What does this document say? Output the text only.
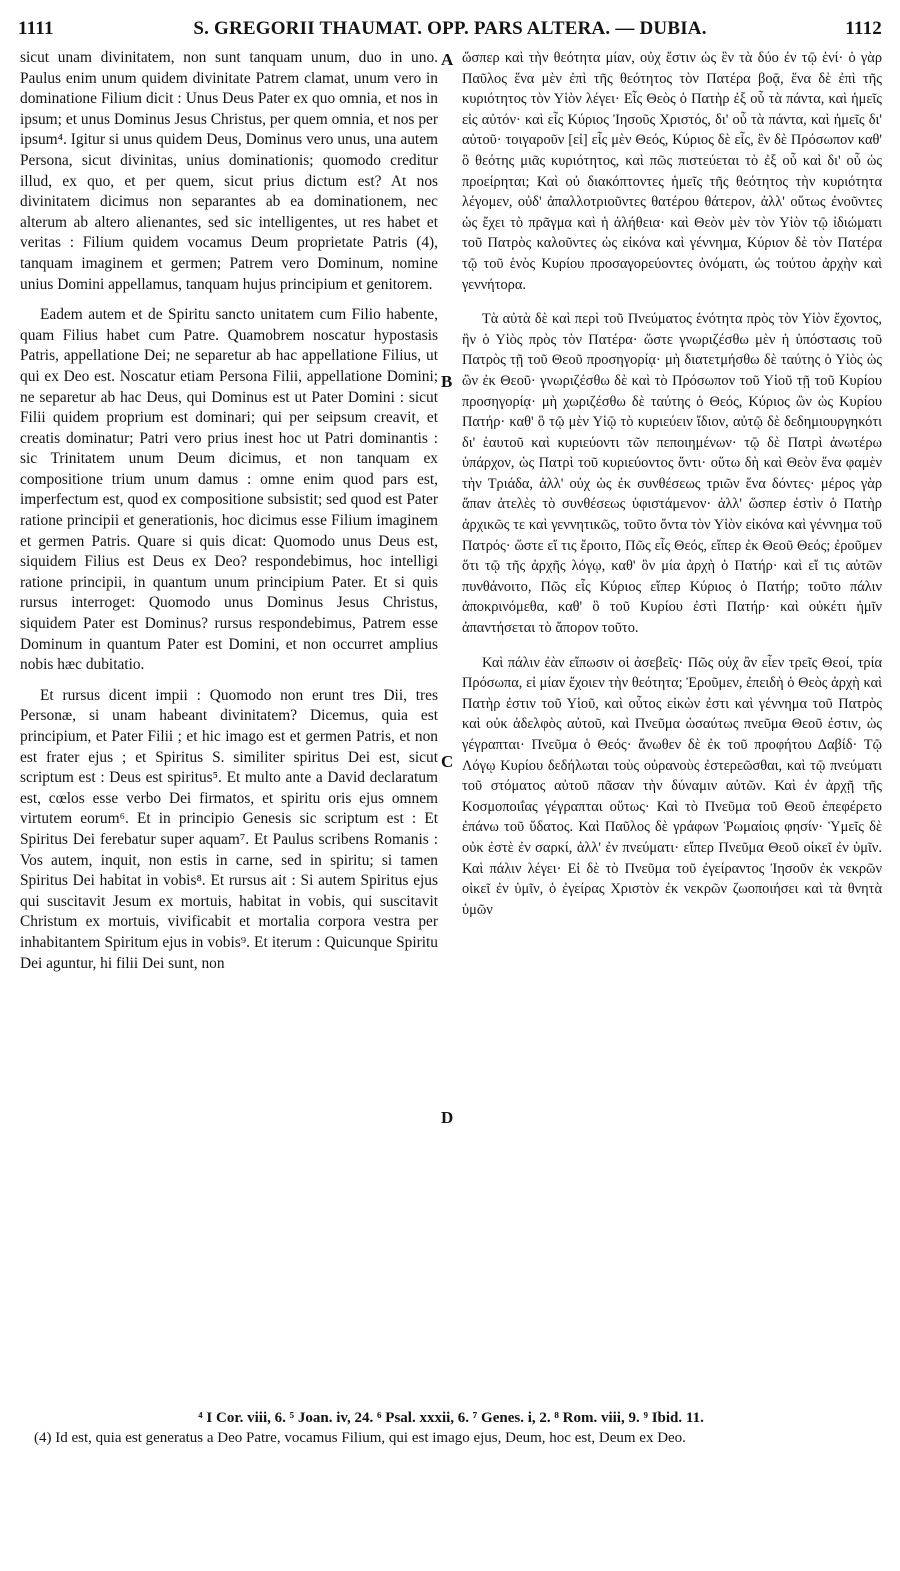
1111	S. GREGORII THAUMAT. OPP. PARS ALTERA. — DUBIA.	1112

sicut unam divinitatem, non sunt tanquam unum, duo in uno. Paulus enim unum quidem divinitate Patrem clamat, unum vero in dominatione Filium dicit : Unus Deus Pater ex quo omnia, et nos in ipsum; et unus Dominus Jesus Christus, per quem omnia, et nos per ipsum⁴. Igitur si unus quidem Deus, Dominus vero unus, una autem Persona, sicut divinitas, unius dominationis; quomodo creditur illud, ex quo, et per quem, sicut prius dictum est? At nos divinitatem dicimus non separantes ab ea dominationem, nec alterum ab altero alienantes, sed sic intelligentes, ut res habet et veritas : Filium quidem vocamus Deum proprietate Patris (4), tanquam imaginem et germen; Patrem vero Dominum, nomine unius Domini appellamus, tanquam hujus principium et genitorem.

Eadem autem et de Spiritu sancto unitatem cum Filio habente, quam Filius habet cum Patre. Quamobrem noscatur hypostasis Patris, appellatione Dei; ne separetur ab hac appellatione Filius, ut qui ex Deo est. Noscatur etiam Persona Filii, appellatione Domini; ne separetur ab hac Deus, qui Dominus est ut Pater Domini : sicut Filii quidem proprium est dominari; qui per seipsum creavit, et creatis dominatur; Patri vero prius inest hoc ut Patri dominantis : sic Trinitatem unum Deum dicimus, et non tanquam ex compositione trium unum damus : omne enim quod pars est, imperfectum est, quod ex compositione subsistit; sed quod est Pater ratione principii et generationis, hoc dicimus esse Filium imaginem et germen Patris. Quare si quis dicat: Quomodo unus Deus est, siquidem Filius est Deus ex Deo? respondebimus, hoc intelligi ratione principii, in quantum unum principium Pater. Et si quis rursus interroget: Quomodo unus Dominus Jesus Christus, siquidem Pater est Dominus? rursus respondebimus, Patrem esse Dominum in quantum Pater est Domini, et non occurret amplius nobis hæc dubitatio.

Et rursus dicent impii : Quomodo non erunt tres Dii, tres Personæ, si unam habeant divinitatem? Dicemus, quia est principium, et Pater Filii ; et hic imago est et germen Patris, et non est frater ejus ; et Spiritus S. similiter spiritus Dei est, sicut scriptum est : Deus est spiritus⁵. Et multo ante a David declaratum est, cœlos esse verbo Dei firmatos, et spiritu oris ejus omnem virtutem eorum⁶. Et in principio Genesis sic scriptum est : Et Spiritus Dei ferebatur super aquam⁷. Et Paulus scribens Romanis : Vos autem, inquit, non estis in carne, sed in spiritu; si tamen Spiritus Dei habitat in vobis⁸. Et rursus ait : Si autem Spiritus ejus qui suscitavit Jesum ex mortuis, habitat in vobis, qui suscitavit Christum ex mortuis, vivificabit et mortalia corpora vestra per inhabitantem Spiritum ejus in vobis⁹. Et iterum : Quicunque Spiritu Dei aguntur, hi filii Dei sunt, non

A
B
C
D

ὥσπερ καὶ τὴν θεότητα μίαν, οὐχ ἔστιν ὡς ἓν τὰ δύο ἐν τῷ ἑνί· ὁ γὰρ Παῦλος ἕνα μὲν ἐπὶ τῆς θεότητος τὸν Πατέρα βοᾷ, ἕνα δὲ ἐπὶ τῆς κυριότητος τὸν Υἱὸν λέγει· Εἷς Θεὸς ὁ Πατὴρ ἐξ οὗ τὰ πάντα, καὶ ἡμεῖς εἰς αὐτόν· καὶ εἷς Κύριος Ἰησοῦς Χριστός, δι' οὗ τὰ πάντα, καὶ ἡμεῖς δι' αὐτοῦ· τοιγαροῦν [εἰ] εἷς μὲν Θεός, Κύριος δὲ εἷς, ἓν δὲ Πρόσωπον καθ' ὃ θεότης μιᾶς κυριότητος, καὶ πῶς πιστεύεται τὸ ἐξ οὗ καὶ δι' οὗ ὡς προείρηται; Καὶ οὐ διακόπτοντες ἡμεῖς τῆς θεότητος τὴν κυριότητα λέγομεν, οὐδ' ἀπαλλοτριοῦντες θατέρου θάτερον, ἀλλ' οὕτως ἐνοῦντες ὡς ἔχει τὸ πρᾶγμα καὶ ἡ ἀλήθεια· καὶ Θεὸν μὲν τὸν Υἱὸν τῷ ἰδιώματι τοῦ Πατρὸς καλοῦντες ὡς εἰκόνα καὶ γέννημα, Κύριον δὲ τὸν Πατέρα τῷ τοῦ ἑνὸς Κυρίου προσαγορεύοντες ὀνόματι, ὡς τούτου ἀρχὴν καὶ γεννήτορα.

Τὰ αὐτὰ δὲ καὶ περὶ τοῦ Πνεύματος ἑνότητα πρὸς τὸν Υἱὸν ἔχοντος, ἣν ὁ Υἱὸς πρὸς τὸν Πατέρα· ὥστε γνωριζέσθω μὲν ἡ ὑπόστασις τοῦ Πατρὸς τῇ τοῦ Θεοῦ προσηγορίᾳ· μὴ διατετμήσθω δὲ ταύτης ὁ Υἱὸς ὡς ὢν ἐκ Θεοῦ· γνωριζέσθω δὲ καὶ τὸ Πρόσωπον τοῦ Υἱοῦ τῇ τοῦ Κυρίου προσηγορίᾳ· μὴ χωριζέσθω δὲ ταύτης ὁ Θεός, Κύριος ὢν ὡς Κυρίου Πατήρ· καθ' ὃ τῷ μὲν Υἱῷ τὸ κυριεύειν ἴδιον, αὐτῷ δὲ δεδημιουργηκότι δι' ἑαυτοῦ καὶ κυριεύοντι τῶν πεποιημένων· τῷ δὲ Πατρὶ ἀνωτέρω ὑπάρχον, ὡς Πατρὶ τοῦ κυριεύοντος ὄντι· οὕτω δὴ καὶ Θεὸν ἕνα φαμὲν τὴν Τριάδα, ἀλλ' οὐχ ὡς ἐκ συνθέσεως τριῶν ἕνα δόντες· μέρος γὰρ ἅπαν ἀτελὲς τὸ συνθέσεως ὑφιστάμενον· ἀλλ' ὥσπερ ἐστὶν ὁ Πατὴρ ἀρχικῶς τε καὶ γεννητικῶς, τοῦτο ὄντα τὸν Υἱὸν εἰκόνα καὶ γέννημα τοῦ Πατρός· ὥστε εἴ τις ἔροιτο, Πῶς εἷς Θεός, εἴπερ ἐκ Θεοῦ Θεός; ἐροῦμεν ὅτι τῷ τῆς ἀρχῆς λόγῳ, καθ' ὃν μία ἀρχὴ ὁ Πατήρ· καὶ εἴ τις αὐτῶν πυνθάνοιτο, Πῶς εἷς Κύριος εἴπερ Κύριος ὁ Πατήρ; τοῦτο πάλιν ἀποκρινόμεθα, καθ' ὃ τοῦ Κυρίου ἐστὶ Πατήρ· καὶ οὐκέτι ἡμῖν ἀπαντήσεται τὸ ἄπορον τοῦτο.

Καὶ πάλιν ἐὰν εἴπωσιν οἱ ἀσεβεῖς· Πῶς οὐχ ἂν εἶεν τρεῖς Θεοί, τρία Πρόσωπα, εἰ μίαν ἔχοιεν τὴν θεότητα; Ἐροῦμεν, ἐπειδὴ ὁ Θεὸς ἀρχὴ καὶ Πατὴρ ἐστιν τοῦ Υἱοῦ, καὶ οὗτος εἰκὼν ἐστι καὶ γέννημα τοῦ Πατρὸς καὶ οὐκ ἀδελφὸς αὐτοῦ, καὶ Πνεῦμα ὡσαύτως πνεῦμα Θεοῦ ἐστιν, ὡς γέγραπται· Πνεῦμα ὁ Θεός· ἄνωθεν δὲ ἐκ τοῦ προφήτου Δαβίδ· Τῷ Λόγῳ Κυρίου δεδήλωται τοὺς οὐρανοὺς ἐστερεῶσθαι, καὶ τῷ πνεύματι τοῦ στόματος αὐτοῦ πᾶσαν τὴν δύναμιν αὐτῶν. Καὶ ἐν ἀρχῇ τῆς Κοσμοποιΐας γέγραπται οὕτως· Καὶ τὸ Πνεῦμα τοῦ Θεοῦ ἐπεφέρετο ἐπάνω τοῦ ὕδατος. Καὶ Παῦλος δὲ γράφων Ῥωμαίοις φησίν· Ὑμεῖς δὲ οὐκ ἐστὲ ἐν σαρκί, ἀλλ' ἐν πνεύματι· εἴπερ Πνεῦμα Θεοῦ οἰκεῖ ἐν ὑμῖν. Καὶ πάλιν λέγει· Εἰ δὲ τὸ Πνεῦμα τοῦ ἐγείραντος Ἰησοῦν ἐκ νεκρῶν οἰκεῖ ἐν ὑμῖν, ὁ ἐγείρας Χριστὸν ἐκ νεκρῶν ζωοποιήσει καὶ τὰ θνητὰ ὑμῶν

⁴ I Cor. viii, 6. ⁵ Joan. iv, 24. ⁶ Psal. xxxii, 6. ⁷ Genes. i, 2. ⁸ Rom. viii, 9. ⁹ Ibid. 11.
(4) Id est, quia est generatus a Deo Patre, vocamus Filium, qui est imago ejus, Deum, hoc est, Deum ex Deo.
